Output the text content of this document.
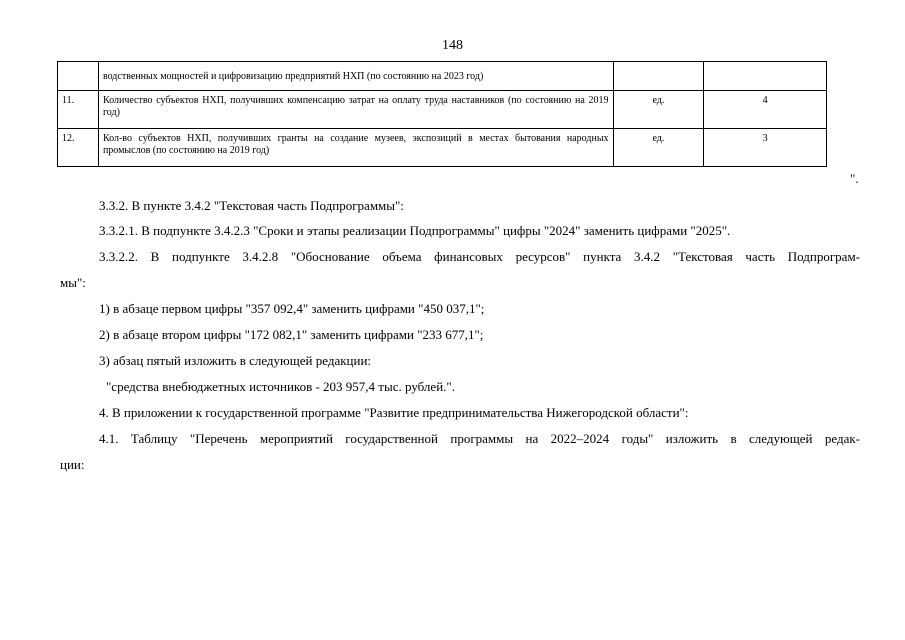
148
	водственных мощностей и цифровизацию предприятий НХП (по состоянию на 2023 год)		
11.	Количество субъектов НХП, получивших компенсацию затрат на оплату труда наставников (по состоянию на 2019 год)	ед.	4
12.	Кол-во субъектов НХП, получивших гранты на создание музеев, экспозиций в местах бытования народных промыслов (по состоянию на 2019 год)	ед.	3
".
3.3.2. В пункте 3.4.2 "Текстовая часть Подпрограммы":
3.3.2.1. В подпункте 3.4.2.3 "Сроки и этапы реализации Подпрограммы" цифры "2024" заменить цифрами "2025".
3.3.2.2. В подпункте 3.4.2.8 "Обоснование объема финансовых ресурсов" пункта 3.4.2 "Текстовая часть Подпрограм-
мы":
1) в абзаце первом цифры "357 092,4" заменить цифрами "450 037,1";
2) в абзаце втором цифры "172 082,1" заменить цифрами "233 677,1";
3) абзац пятый изложить в следующей редакции:
"средства внебюджетных источников - 203 957,4 тыс. рублей.".
4. В приложении к государственной программе "Развитие предпринимательства Нижегородской области":
4.1. Таблицу "Перечень мероприятий государственной программы на 2022–2024 годы" изложить в следующей редак-
ции:
